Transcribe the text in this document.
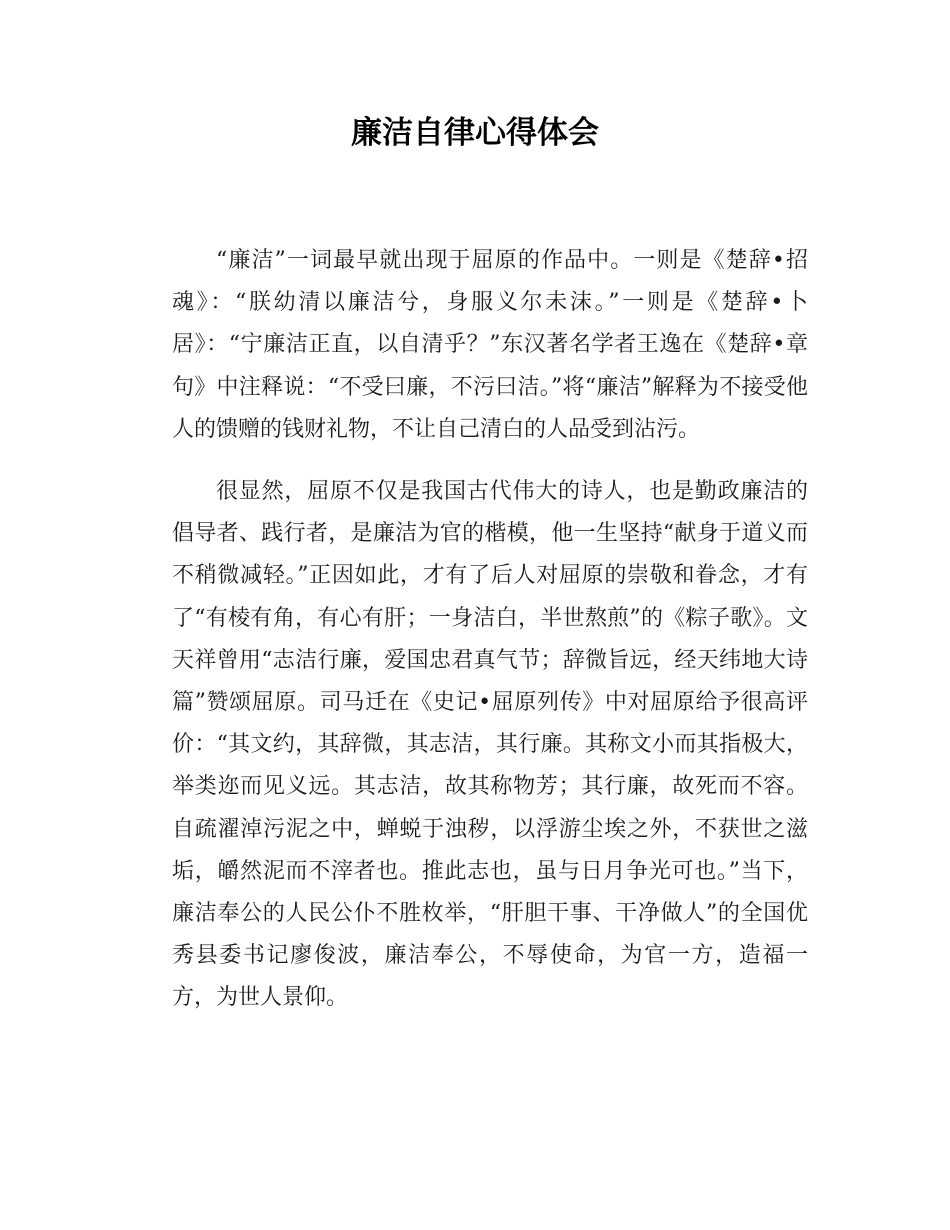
廉洁自律心得体会

“廉洁”一词最早就出现于屈原的作品中。一则是《楚辞•招魂》：“朕幼清以廉洁兮，身服义尔未沫。”一则是《楚辞•卜居》：“宁廉洁正直，以自清乎？”东汉著名学者王逸在《楚辞•章句》中注释说：“不受曰廉，不污曰洁。”将“廉洁”解释为不接受他人的馈赠的钱财礼物，不让自己清白的人品受到沾污。

很显然，屈原不仅是我国古代伟大的诗人，也是勤政廉洁的倡导者、践行者，是廉洁为官的楷模，他一生坚持“献身于道义而不稍微减轻。”正因如此，才有了后人对屈原的崇敬和眷念，才有了“有棱有角，有心有肝；一身洁白，半世熬煎”的《粽子歌》。文天祥曾用“志洁行廉，爱国忠君真气节；辞微旨远，经天纬地大诗篇”赞颂屈原。司马迁在《史记•屈原列传》中对屈原给予很高评价：“其文约，其辞微，其志洁，其行廉。其称文小而其指极大，举类迩而见义远。其志洁，故其称物芳；其行廉，故死而不容。自疏濯淖污泥之中，蝉蜕于浊秽，以浮游尘埃之外，不获世之滋垢，皭然泥而不滓者也。推此志也，虽与日月争光可也。”当下，廉洁奉公的人民公仆不胜枚举，“肝胆干事、干净做人”的全国优秀县委书记廖俊波，廉洁奉公，不辱使命，为官一方，造福一方，为世人景仰。
